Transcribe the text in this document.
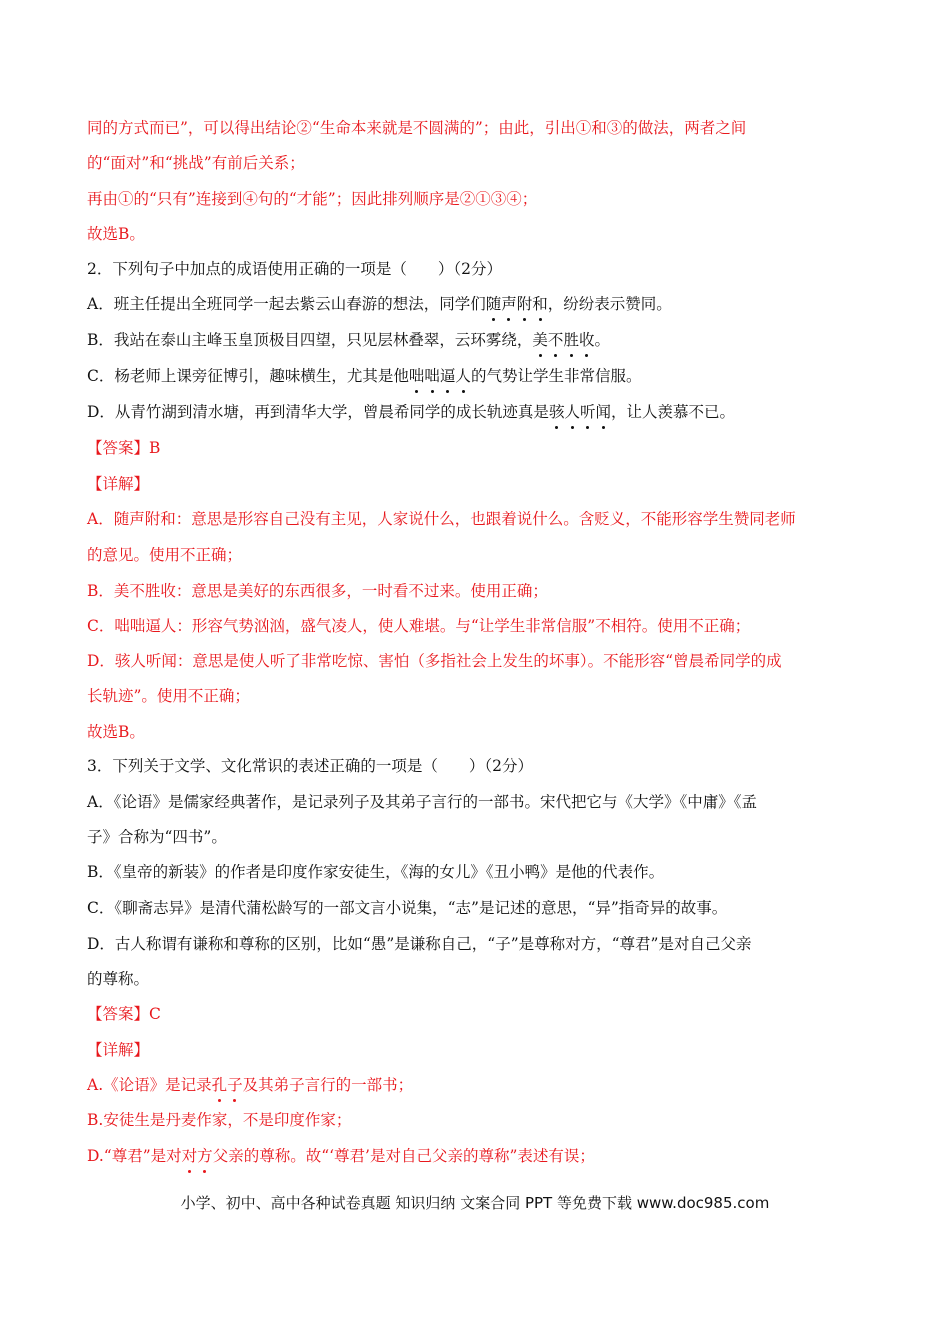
同的方式而已”，可以得出结论②“生命本来就是不圆满的”；由此，引出①和③的做法，两者之间
的“面对”和“挑战”有前后关系；
再由①的“只有”连接到④句的“才能”；因此排列顺序是②①③④；
故选B。
2．下列句子中加点的成语使用正确的一项是（　　）（2分）
A．班主任提出全班同学一起去紫云山春游的想法，同学们随声附和，纷纷表示赞同。
B．我站在泰山主峰玉皇顶极目四望，只见层林叠翠，云环雾绕，美不胜收。
C．杨老师上课旁征博引，趣味横生，尤其是他咄咄逼人的气势让学生非常信服。
D．从青竹湖到清水塘，再到清华大学，曾晨希同学的成长轨迹真是骇人听闻，让人羡慕不已。
【答案】B
【详解】
A．随声附和：意思是形容自己没有主见，人家说什么，也跟着说什么。含贬义，不能形容学生赞同老师
的意见。使用不正确；
B．美不胜收：意思是美好的东西很多，一时看不过来。使用正确；
C．咄咄逼人：形容气势汹汹，盛气凌人，使人难堪。与“让学生非常信服”不相符。使用不正确；
D．骇人听闻：意思是使人听了非常吃惊、害怕（多指社会上发生的坏事）。不能形容“曾晨希同学的成
长轨迹”。使用不正确；
故选B。
3．下列关于文学、文化常识的表述正确的一项是（　　）（2分）
A．《论语》是儒家经典著作，是记录列子及其弟子言行的一部书。宋代把它与《大学》《中庸》《孟
子》合称为“四书”。
B．《皇帝的新装》的作者是印度作家安徒生，《海的女儿》《丑小鸭》是他的代表作。
C．《聊斋志异》是清代蒲松龄写的一部文言小说集，“志”是记述的意思，“异”指奇异的故事。
D．古人称谓有谦称和尊称的区别，比如“愚”是谦称自己，“子”是尊称对方，“尊君”是对自己父亲
的尊称。
【答案】C
【详解】
A.《论语》是记录孔子及其弟子言行的一部书；
B.安徒生是丹麦作家，不是印度作家；
D.“尊君”是对对方父亲的尊称。故“‘尊君’是对自己父亲的尊称”表述有误；
小学、初中、高中各种试卷真题 知识归纳 文案合同 PPT 等免费下载 www.doc985.com
